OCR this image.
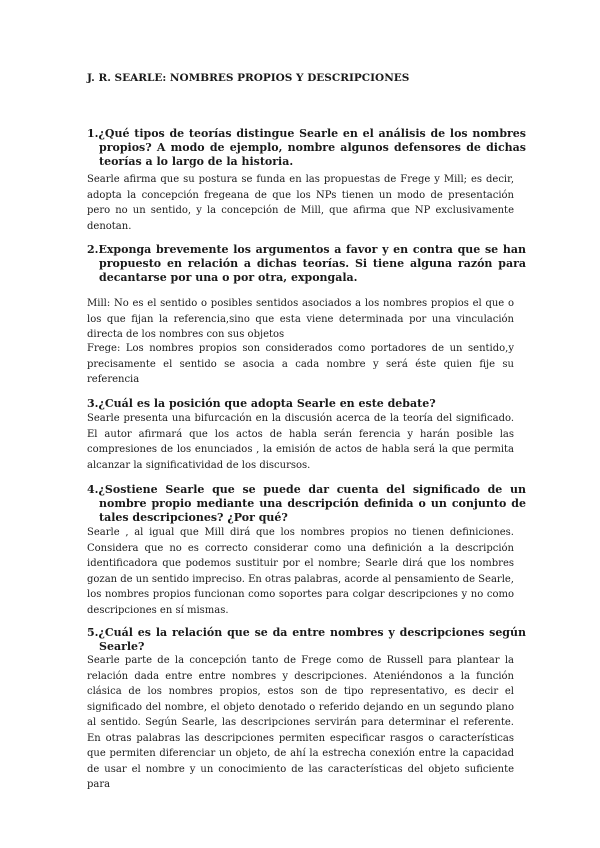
J. R. SEARLE: NOMBRES PROPIOS Y DESCRIPCIONES
1.¿Qué tipos de teorías distingue Searle en el análisis de los nombres propios? A modo de ejemplo, nombre algunos defensores de dichas teorías a lo largo de la historia.

Searle afirma que su postura se funda en las propuestas de Frege y Mill; es decir, adopta la concepción fregeana de que los NPs tienen un modo de presentación pero no un sentido, y la concepción de Mill, que afirma que NP exclusivamente denotan.

2.Exponga brevemente los argumentos a favor y en contra que se han propuesto en relación a dichas teorías. Si tiene alguna razón para decantarse por una o por otra, expongala.

Mill: No es el sentido o posibles sentidos asociados a los nombres propios el que o los que fijan la referencia,sino que esta viene determinada por una vinculación directa de los nombres con sus objetos

Frege: Los nombres propios son considerados como portadores de un sentido,y precisamente el sentido se asocia a cada nombre y será éste quien fije su referencia

3.¿Cuál es la posición que adopta Searle en este debate?

Searle presenta una bifurcación en la discusión acerca de la teoría del significado. El autor afirmará que los actos de habla serán ferencia y harán posible las compresiones de los enunciados , la emisión de actos de habla será la que permita alcanzar la significatividad de los discursos.

4.¿Sostiene Searle que se puede dar cuenta del significado de un nombre propio mediante una descripción definida o un conjunto de tales descripciones? ¿Por qué?

Searle , al igual que Mill dirá que los nombres propios no tienen definiciones. Considera que no es correcto considerar como una definición a la descripción identificadora que podemos sustituir por el nombre; Searle dirá que los nombres gozan de un sentido impreciso. En otras palabras, acorde al pensamiento de Searle, los nombres propios funcionan como soportes para colgar descripciones y no como descripciones en sí mismas.

5.¿Cuál es la relación que se da entre nombres y descripciones según Searle?

Searle parte de la concepción tanto de Frege como de Russell para plantear la relación dada entre entre nombres y descripciones. Ateniéndonos a la función clásica de los nombres propios, estos son de tipo representativo, es decir el significado del nombre, el objeto denotado o referido dejando en un segundo plano al sentido. Según Searle, las descripciones servirán para determinar el referente. En otras palabras las descripciones permiten especificar rasgos o características que permiten diferenciar un objeto, de ahí la estrecha conexión entre la capacidad de usar el nombre y un conocimiento de las características del objeto suficiente para
